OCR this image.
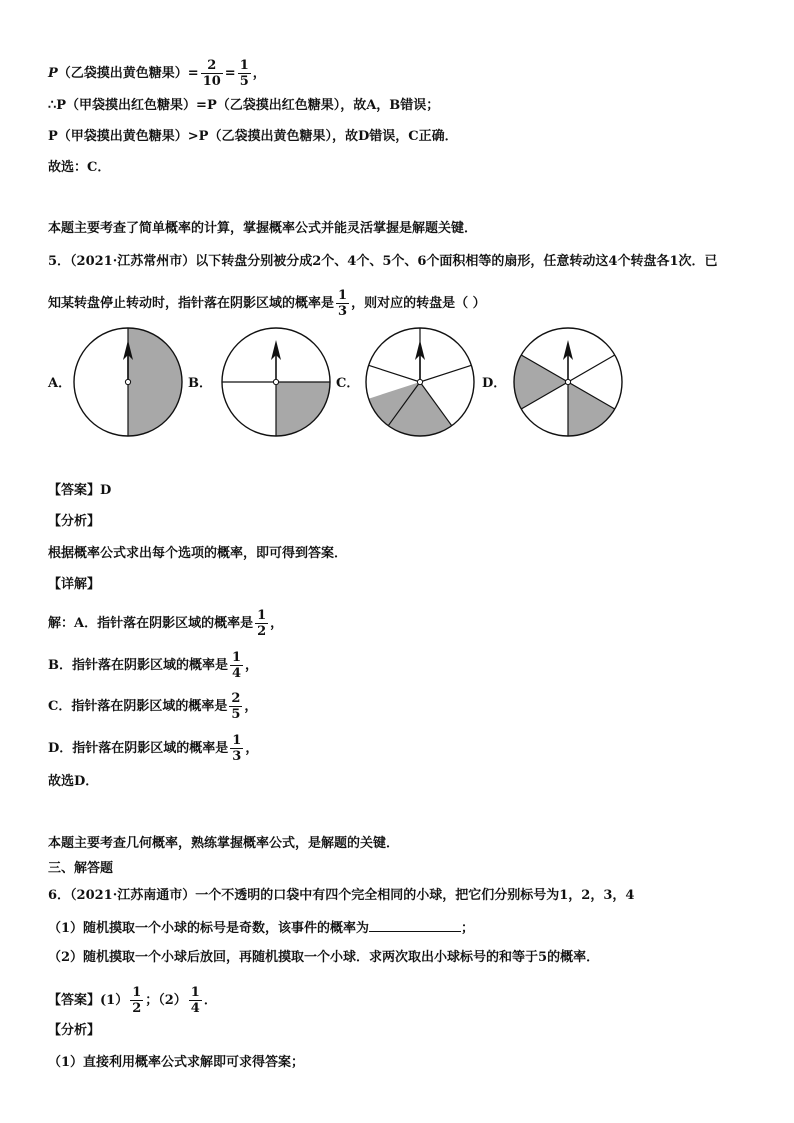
P（乙袋摸出黄色糖果）= $\frac{2}{10} = \frac{1}{5}$ ，
∴P（甲袋摸出红色糖果）=P（乙袋摸出红色糖果），故A，B错误；
P（甲袋摸出黄色糖果）>P（乙袋摸出黄色糖果），故D错误，C正确．
故选：C．
本题主要考查了简单概率的计算，掌握概率公式并能灵活掌握是解题关键．
5．（2021·江苏常州市）以下转盘分别被分成2个、4个、5个、6个面积相等的扇形，任意转动这4个转盘各1次．已
知某转盘停止转动时，指针落在阴影区域的概率是 $\frac{1}{3}$ ，则对应的转盘是（ ）
A．	B．	C．	D．
【答案】D
【分析】
根据概率公式求出每个选项的概率，即可得到答案．
【详解】
解：A．指针落在阴影区域的概率是 $\frac{1}{2}$ ，
B．指针落在阴影区域的概率是 $\frac{1}{4}$ ，
C．指针落在阴影区域的概率是 $\frac{2}{5}$ ，
D．指针落在阴影区域的概率是 $\frac{1}{3}$ ，
故选D．
本题主要考查几何概率，熟练掌握概率公式，是解题的关键．
三、解答题
6．（2021·江苏南通市）一个不透明的口袋中有四个完全相同的小球，把它们分别标号为1，2，3，4
（1）随机摸取一个小球的标号是奇数，该事件的概率为	；
（2）随机摸取一个小球后放回，再随机摸取一个小球．求两次取出小球标号的和等于5的概率．
【答案】$(1) \frac{1}{2}$ ；$(2) \frac{1}{4}$ ．
【分析】
（1）直接利用概率公式求解即可求得答案；
